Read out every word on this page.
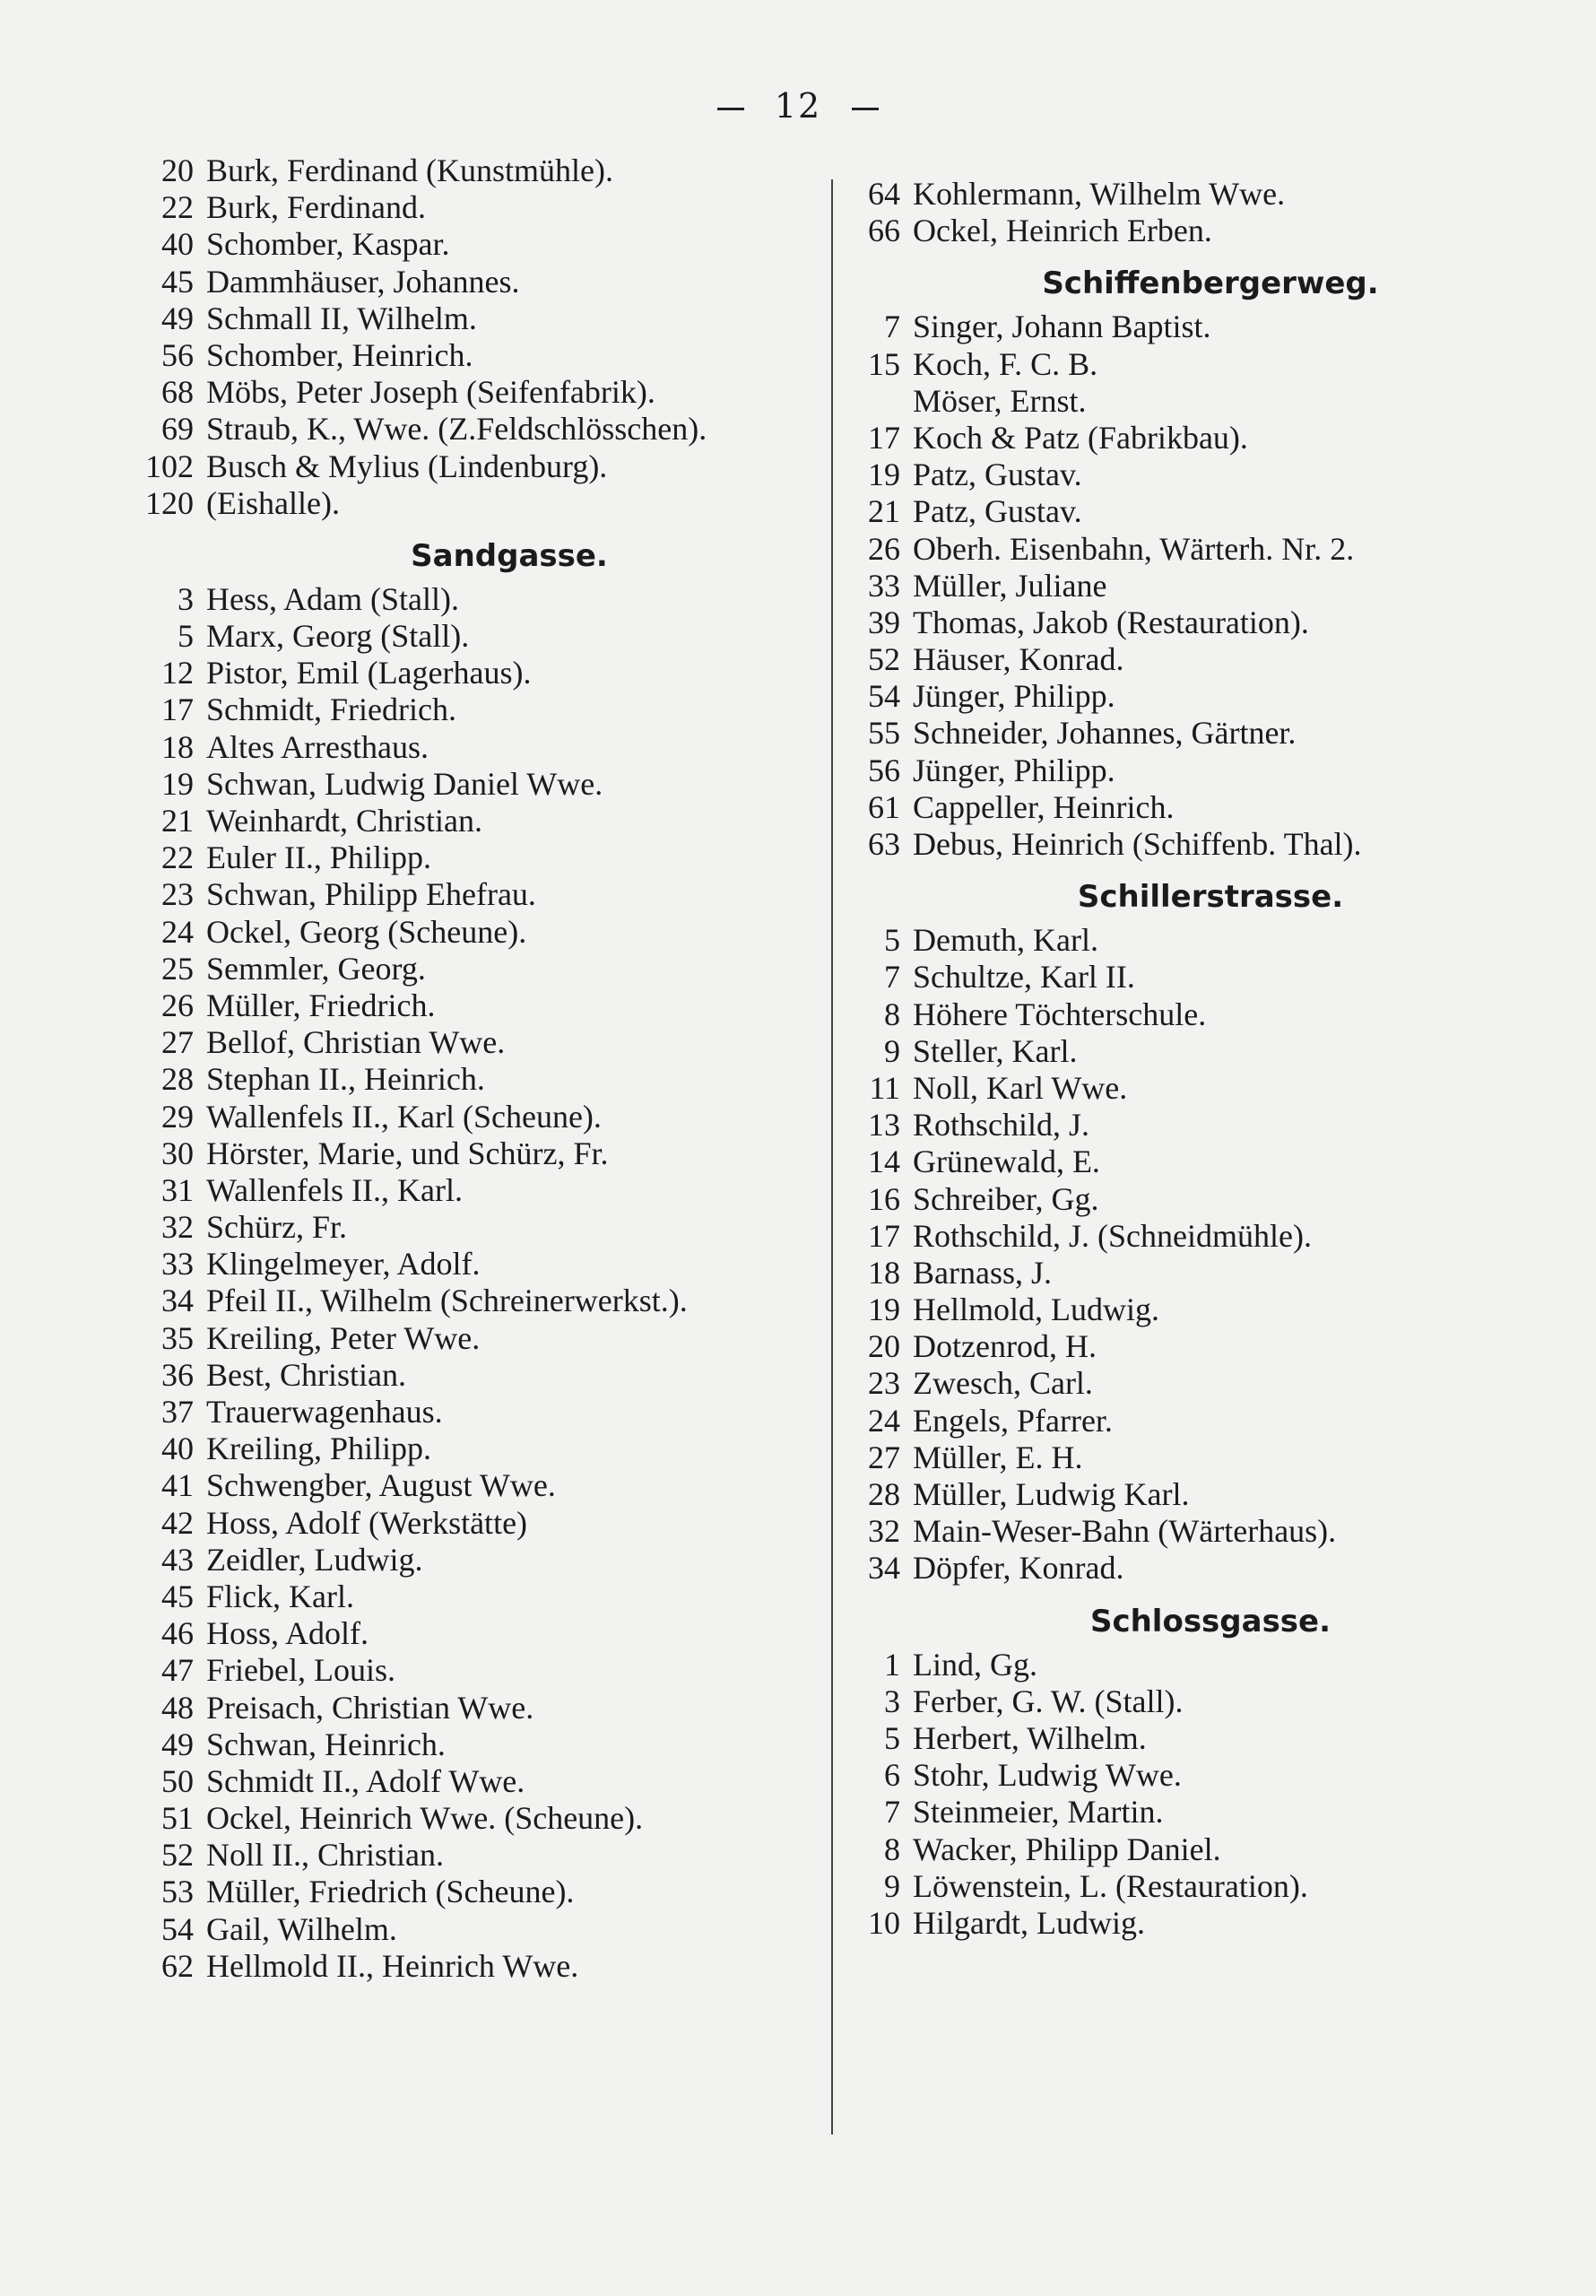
12
20 Burk, Ferdinand (Kunstmühle).
22 Burk, Ferdinand.
40 Schomber, Kaspar.
45 Dammhäuser, Johannes.
49 Schmall II, Wilhelm.
56 Schomber, Heinrich.
68 Möbs, Peter Joseph (Seifenfabrik).
69 Straub, K., Wwe. (Z.Feldschlösschen).
102 Busch & Mylius (Lindenburg).
120 (Eishalle).
Sandgasse.
3 Hess, Adam (Stall).
5 Marx, Georg (Stall).
12 Pistor, Emil (Lagerhaus).
17 Schmidt, Friedrich.
18 Altes Arresthaus.
19 Schwan, Ludwig Daniel Wwe.
21 Weinhardt, Christian.
22 Euler II., Philipp.
23 Schwan, Philipp Ehefrau.
24 Ockel, Georg (Scheune).
25 Semmler, Georg.
26 Müller, Friedrich.
27 Bellof, Christian Wwe.
28 Stephan II., Heinrich.
29 Wallenfels II., Karl (Scheune).
30 Hörster, Marie, und Schürz, Fr.
31 Wallenfels II., Karl.
32 Schürz, Fr.
33 Klingelmeyer, Adolf.
34 Pfeil II., Wilhelm (Schreinerwerkst.).
35 Kreiling, Peter Wwe.
36 Best, Christian.
37 Trauerwagenhaus.
40 Kreiling, Philipp.
41 Schwengber, August Wwe.
42 Hoss, Adolf (Werkstätte)
43 Zeidler, Ludwig.
45 Flick, Karl.
46 Hoss, Adolf.
47 Friebel, Louis.
48 Preisach, Christian Wwe.
49 Schwan, Heinrich.
50 Schmidt II., Adolf Wwe.
51 Ockel, Heinrich Wwe. (Scheune).
52 Noll II., Christian.
53 Müller, Friedrich (Scheune).
54 Gail, Wilhelm.
62 Hellmold II., Heinrich Wwe.
64 Kohlermann, Wilhelm Wwe.
66 Ockel, Heinrich Erben.
Schiffenbergerweg.
7 Singer, Johann Baptist.
15 Koch, F. C. B.
Möser, Ernst.
17 Koch & Patz (Fabrikbau).
19 Patz, Gustav.
21 Patz, Gustav.
26 Oberh. Eisenbahn, Wärterh. Nr. 2.
33 Müller, Juliane
39 Thomas, Jakob (Restauration).
52 Häuser, Konrad.
54 Jünger, Philipp.
55 Schneider, Johannes, Gärtner.
56 Jünger, Philipp.
61 Cappeller, Heinrich.
63 Debus, Heinrich (Schiffenb. Thal).
Schillerstrasse.
5 Demuth, Karl.
7 Schultze, Karl II.
8 Höhere Töchterschule.
9 Steller, Karl.
11 Noll, Karl Wwe.
13 Rothschild, J.
14 Grünewald, E.
16 Schreiber, Gg.
17 Rothschild, J. (Schneidmühle).
18 Barnass, J.
19 Hellmold, Ludwig.
20 Dotzenrod, H.
23 Zwesch, Carl.
24 Engels, Pfarrer.
27 Müller, E. H.
28 Müller, Ludwig Karl.
32 Main-Weser-Bahn (Wärterhaus).
34 Döpfer, Konrad.
Schlossgasse.
1 Lind, Gg.
3 Ferber, G. W. (Stall).
5 Herbert, Wilhelm.
6 Stohr, Ludwig Wwe.
7 Steinmeier, Martin.
8 Wacker, Philipp Daniel.
9 Löwenstein, L. (Restauration).
10 Hilgardt, Ludwig.
